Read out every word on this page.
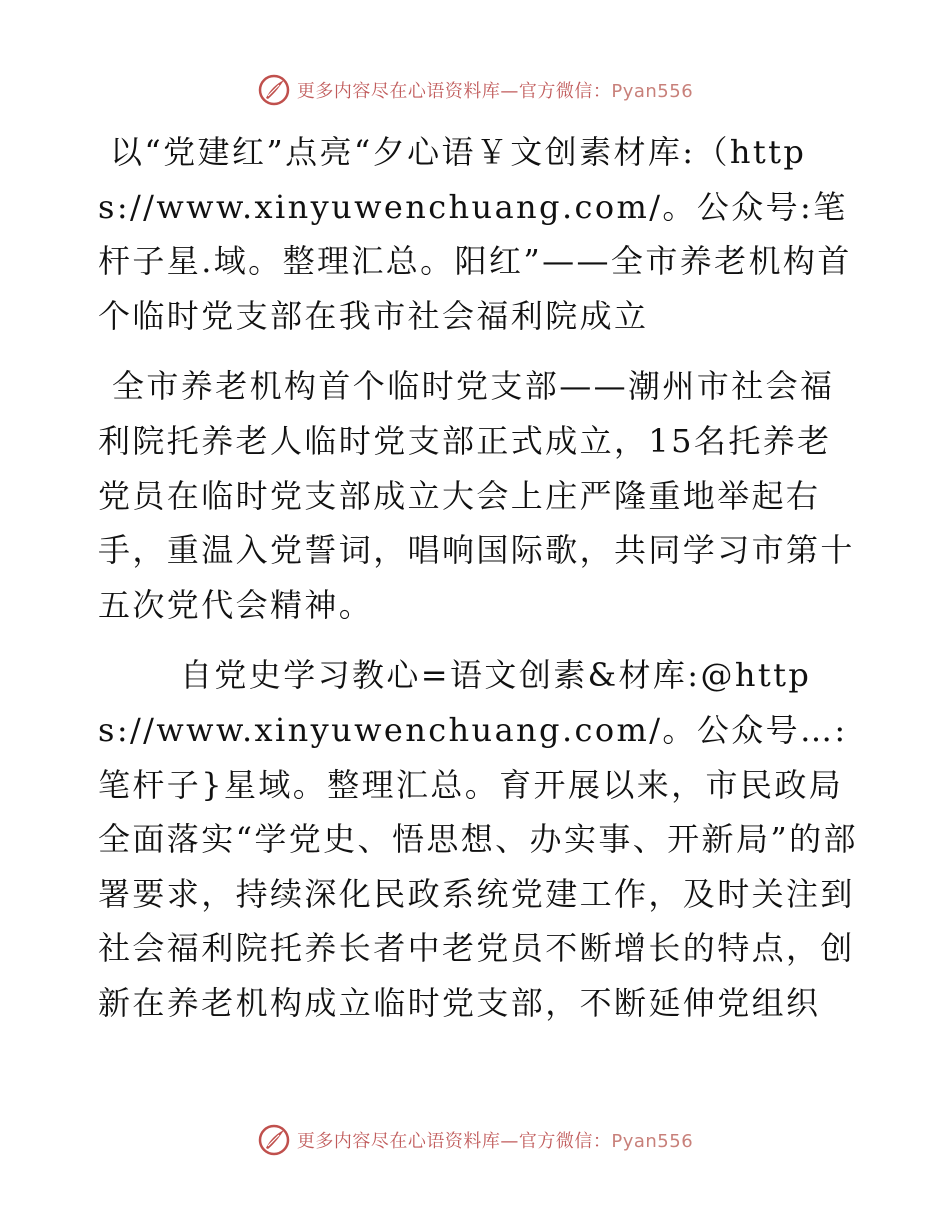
更多内容尽在心语资料库—官方微信：Pyan556

以“党建红”点亮“夕心语￥文创素材库:（https://www.xinyuwenchuang.com/。公众号:笔杆子星.域。整理汇总。阳红”——全市养老机构首个临时党支部在我市社会福利院成立

全市养老机构首个临时党支部——潮州市社会福利院托养老人临时党支部正式成立，15名托养老党员在临时党支部成立大会上庄严隆重地举起右手，重温入党誓词，唱响国际歌，共同学习市第十五次党代会精神。

自党史学习教心=语文创素&材库:@https://www.xinyuwenchuang.com/。公众号…:笔杆子}星域。整理汇总。育开展以来，市民政局全面落实“学党史、悟思想、办实事、开新局”的部署要求，持续深化民政系统党建工作，及时关注到社会福利院托养长者中老党员不断增长的特点，创新在养老机构成立临时党支部，不断延伸党组织

更多内容尽在心语资料库—官方微信：Pyan556
